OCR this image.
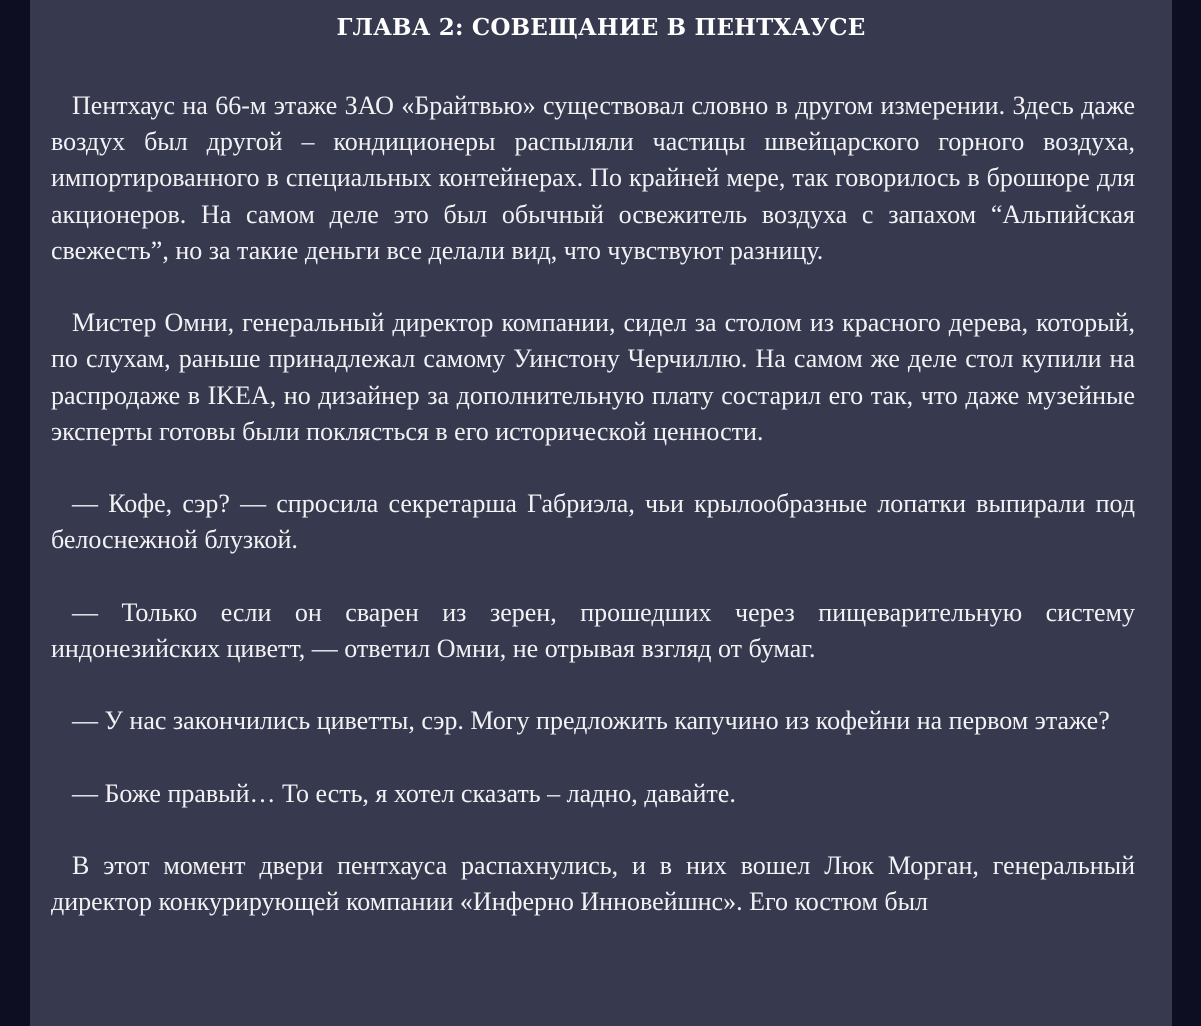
ГЛАВА 2: СОВЕЩАНИЕ В ПЕНТХАУСЕ

Пентхаус на 66-м этаже ЗАО «Брайтвью» существовал словно в другом измерении. Здесь даже воздух был другой – кондиционеры распыляли частицы швейцарского горного воздуха, импортированного в специальных контейнерах. По крайней мере, так говорилось в брошюре для акционеров. На самом деле это был обычный освежитель воздуха с запахом “Альпийская свежесть”, но за такие деньги все делали вид, что чувствуют разницу.

Мистер Омни, генеральный директор компании, сидел за столом из красного дерева, который, по слухам, раньше принадлежал самому Уинстону Черчиллю. На самом же деле стол купили на распродаже в IKEA, но дизайнер за дополнительную плату состарил его так, что даже музейные эксперты готовы были поклясться в его исторической ценности.

— Кофе, сэр? — спросила секретарша Габриэла, чьи крылообразные лопатки выпирали под белоснежной блузкой.

— Только если он сварен из зерен, прошедших через пищеварительную систему индонезийских циветт, — ответил Омни, не отрывая взгляд от бумаг.

— У нас закончились циветты, сэр. Могу предложить капучино из кофейни на первом этаже?

— Боже правый… То есть, я хотел сказать – ладно, давайте.

В этот момент двери пентхауса распахнулись, и в них вошел Люк Морган, генеральный директор конкурирующей компании «Инферно Инновейшнс». Его костюм был
